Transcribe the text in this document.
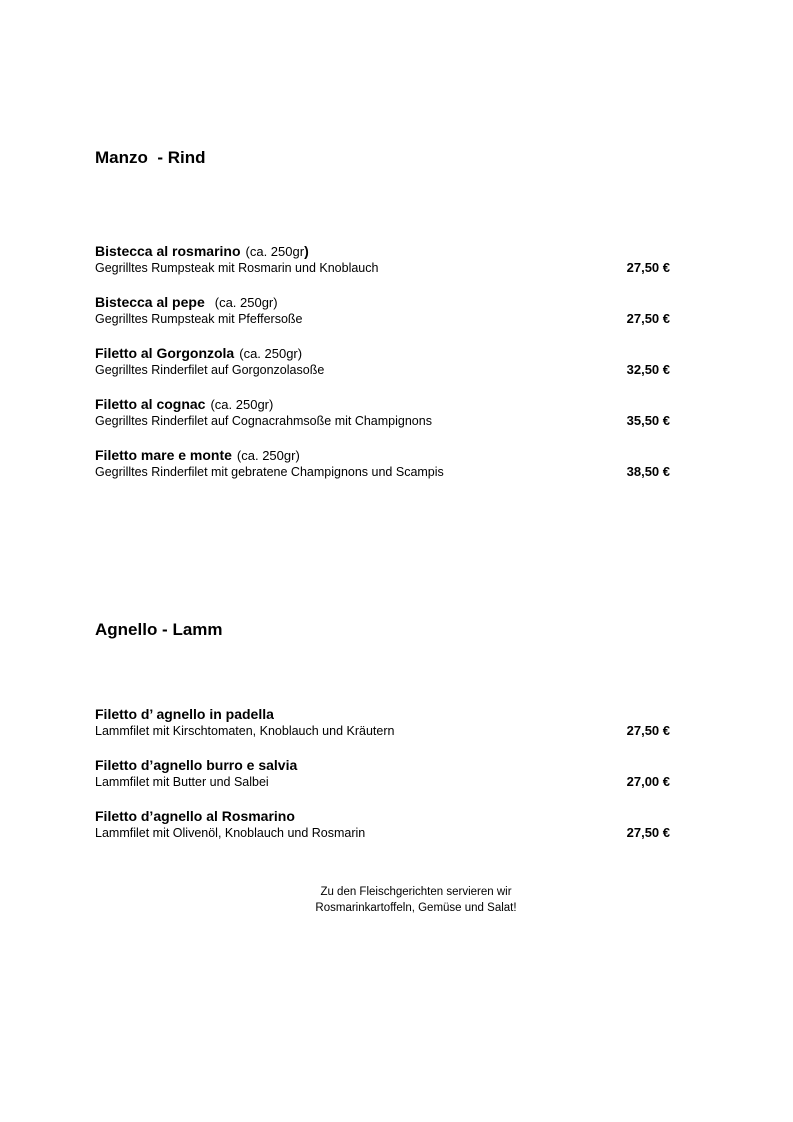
Manzo  - Rind
Bistecca al rosmarino (ca. 250gr)
Gegrilltes Rumpsteak mit Rosmarin und Knoblauch	27,50 €
Bistecca al pepe (ca. 250gr)
Gegrilltes Rumpsteak mit Pfeffersoße	27,50 €
Filetto al Gorgonzola (ca. 250gr)
Gegrilltes Rinderfilet auf Gorgonzolasoße	32,50 €
Filetto al cognac (ca. 250gr)
Gegrilltes Rinderfilet auf Cognacrahmsoße mit Champignons	35,50 €
Filetto mare e monte (ca. 250gr)
Gegrilltes Rinderfilet mit gebratene Champignons und Scampis	38,50 €
Agnello - Lamm
Filetto d’ agnello in padella
Lammfilet mit Kirschtomaten, Knoblauch und Kräutern	27,50 €
Filetto d’agnello burro e salvia
Lammfilet mit Butter und Salbei	27,00 €
Filetto d’agnello al Rosmarino
Lammfilet mit Olivenöl, Knoblauch und Rosmarin	27,50 €
Zu den Fleischgerichten servieren wir
Rosmarinkartoffeln, Gemüse und Salat!
